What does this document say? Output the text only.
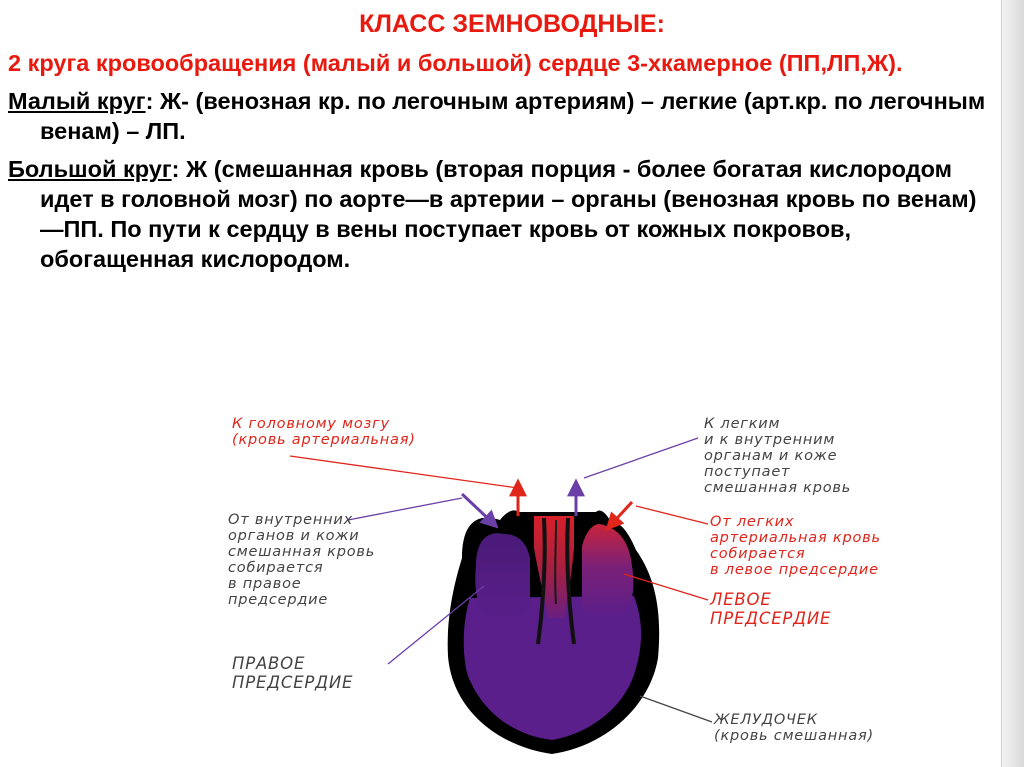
КЛАСС ЗЕМНОВОДНЫЕ:

2 круга кровообращения (малый и большой) сердце 3-хкамерное (ПП,ЛП,Ж).

Малый круг: Ж- (венозная кр. по легочным артериям) – легкие (арт.кр. по легочным венам) – ЛП.

Большой круг: Ж (смешанная кровь (вторая порция - более богатая кислородом идет в головной мозг) по аорте—в артерии – органы (венозная кровь по венам)—ПП. По пути к сердцу в вены поступает кровь от кожных покровов, обогащенная кислородом.

К головному мозгу
(кровь артериальная)

К легким
и к внутренним
органам и коже
поступает
смешанная кровь

От внутренних
органов и кожи
смешанная кровь
собирается
в правое
предсердие

От легких
артериальная кровь
собирается
в левое предсердие

ЛЕВОЕ
ПРЕДСЕРДИЕ

ПРАВОЕ
ПРЕДСЕРДИЕ

ЖЕЛУДОЧЕК
(кровь смешанная)
